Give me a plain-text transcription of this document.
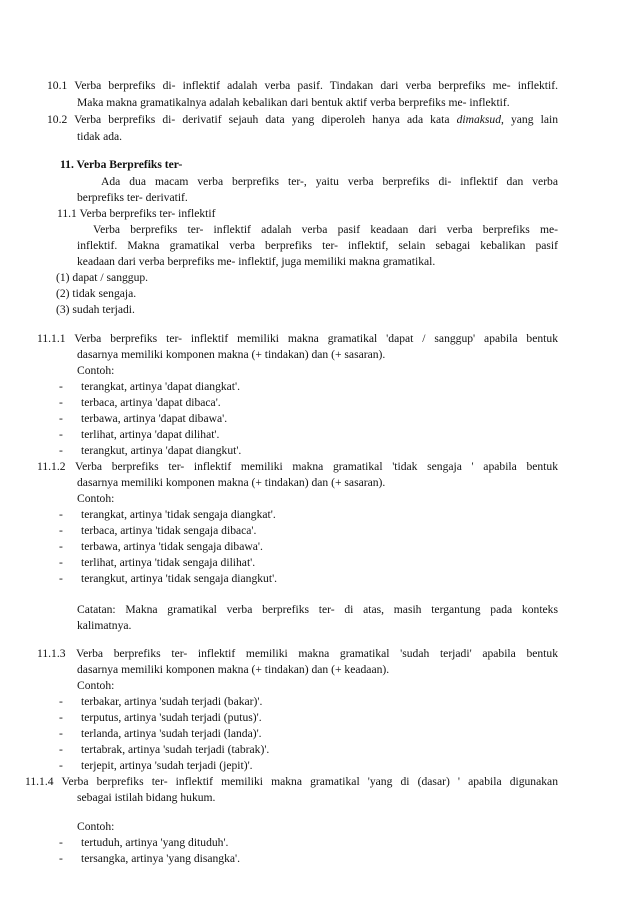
10.1 Verba berprefiks di- inflektif adalah verba pasif. Tindakan dari verba berprefiks me- inflektif.
Maka makna gramatikalnya adalah kebalikan dari bentuk aktif verba berprefiks me- inflektif.
10.2 Verba berprefiks di- derivatif sejauh data yang diperoleh hanya ada kata dimaksud, yang lain
tidak ada.
11. Verba Berprefiks ter-
Ada dua macam verba berprefiks ter-, yaitu verba berprefiks di- inflektif dan verba
berprefiks ter- derivatif.
11.1 Verba berprefiks ter- inflektif
Verba berprefiks ter- inflektif adalah verba pasif keadaan dari verba berprefiks me-
inflektif. Makna gramatikal verba berprefiks ter- inflektif, selain sebagai kebalikan pasif
keadaan dari verba berprefiks me- inflektif, juga memiliki makna gramatikal.
(1) dapat / sanggup.
(2) tidak sengaja.
(3) sudah terjadi.
11.1.1 Verba berprefiks ter- inflektif memiliki makna gramatikal 'dapat / sanggup' apabila bentuk
dasarnya memiliki komponen makna (+ tindakan) dan (+ sasaran).
Contoh:
- terangkat, artinya 'dapat diangkat'.
- terbaca, artinya 'dapat dibaca'.
- terbawa, artinya 'dapat dibawa'.
- terlihat, artinya 'dapat dilihat'.
- terangkut, artinya 'dapat diangkut'.
11.1.2 Verba berprefiks ter- inflektif memiliki makna gramatikal 'tidak sengaja ' apabila bentuk
dasarnya memiliki komponen makna (+ tindakan) dan (+ sasaran).
Contoh:
- terangkat, artinya 'tidak sengaja diangkat'.
- terbaca, artinya 'tidak sengaja dibaca'.
- terbawa, artinya 'tidak sengaja dibawa'.
- terlihat, artinya 'tidak sengaja dilihat'.
- terangkut, artinya 'tidak sengaja diangkut'.
Catatan: Makna gramatikal verba berprefiks ter- di atas, masih tergantung pada konteks
kalimatnya.
11.1.3 Verba berprefiks ter- inflektif memiliki makna gramatikal 'sudah terjadi' apabila bentuk
dasarnya memiliki komponen makna (+ tindakan) dan (+ keadaan).
Contoh:
- terbakar, artinya 'sudah terjadi (bakar)'.
- terputus, artinya 'sudah terjadi (putus)'.
- terlanda, artinya 'sudah terjadi (landa)'.
- tertabrak, artinya 'sudah terjadi (tabrak)'.
- terjepit, artinya 'sudah terjadi (jepit)'.
11.1.4 Verba berprefiks ter- inflektif memiliki makna gramatikal 'yang di (dasar) ' apabila digunakan
sebagai istilah bidang hukum.
Contoh:
- tertuduh, artinya 'yang dituduh'.
- tersangka, artinya 'yang disangka'.
